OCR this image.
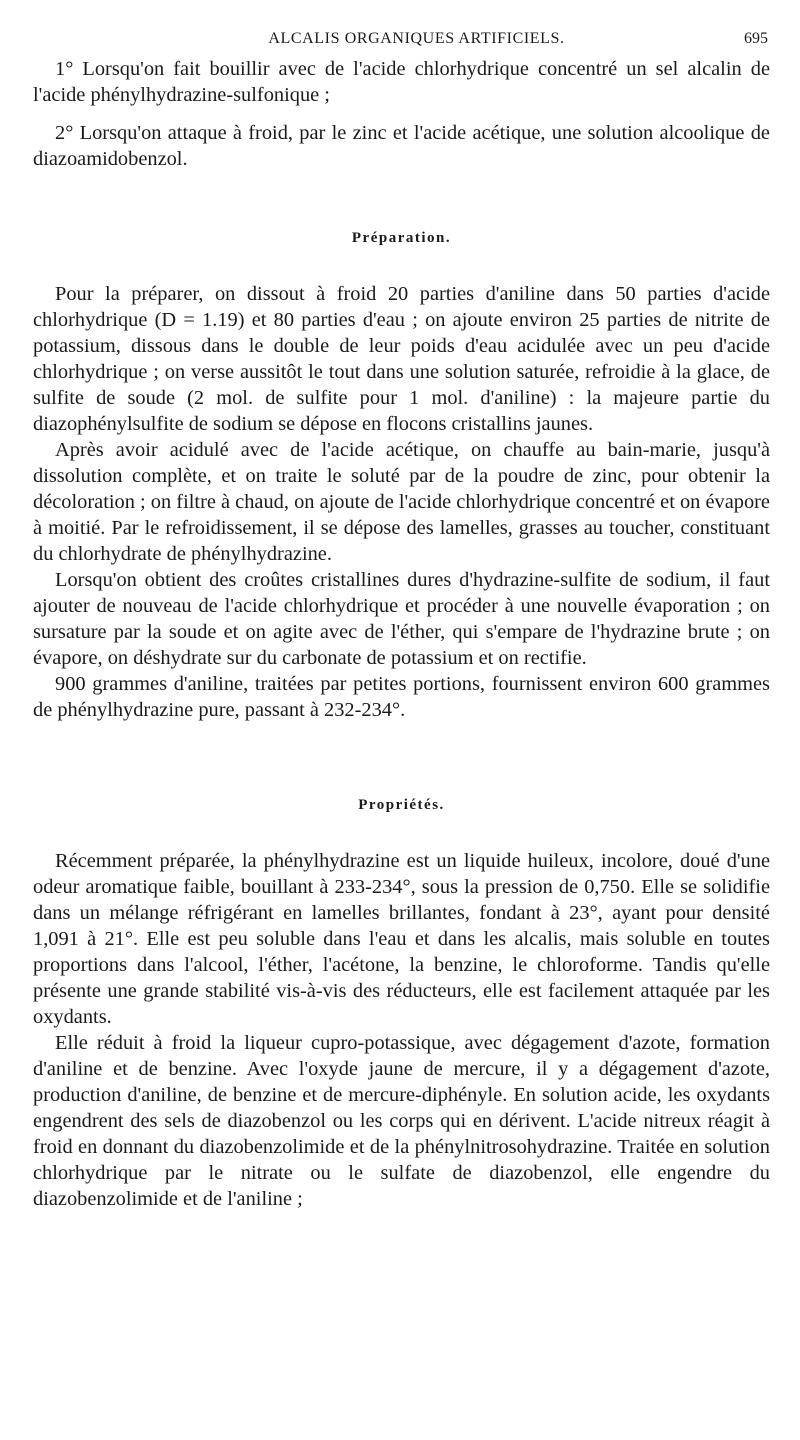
ALCALIS ORGANIQUES ARTIFICIELS.	695

1° Lorsqu'on fait bouillir avec de l'acide chlorhydrique concentré un sel alcalin de l'acide phénylhydrazine-sulfonique ;

2° Lorsqu'on attaque à froid, par le zinc et l'acide acétique, une solution alcoolique de diazoamidobenzol.

Préparation.

Pour la préparer, on dissout à froid 20 parties d'aniline dans 50 parties d'acide chlorhydrique (D = 1.19) et 80 parties d'eau ; on ajoute environ 25 parties de nitrite de potassium, dissous dans le double de leur poids d'eau acidulée avec un peu d'acide chlorhydrique ; on verse aussitôt le tout dans une solution saturée, refroidie à la glace, de sulfite de soude (2 mol. de sulfite pour 1 mol. d'aniline) : la majeure partie du diazophénylsulfite de sodium se dépose en flocons cristallins jaunes.

Après avoir acidulé avec de l'acide acétique, on chauffe au bain-marie, jusqu'à dissolution complète, et on traite le soluté par de la poudre de zinc, pour obtenir la décoloration ; on filtre à chaud, on ajoute de l'acide chlorhydrique concentré et on évapore à moitié. Par le refroidissement, il se dépose des lamelles, grasses au toucher, constituant du chlorhydrate de phénylhydrazine.

Lorsqu'on obtient des croûtes cristallines dures d'hydrazine-sulfite de sodium, il faut ajouter de nouveau de l'acide chlorhydrique et procéder à une nouvelle évaporation ; on sursature par la soude et on agite avec de l'éther, qui s'empare de l'hydrazine brute ; on évapore, on déshydrate sur du carbonate de potassium et on rectifie.

900 grammes d'aniline, traitées par petites portions, fournissent environ 600 grammes de phénylhydrazine pure, passant à 232-234°.

Propriétés.

Récemment préparée, la phénylhydrazine est un liquide huileux, incolore, doué d'une odeur aromatique faible, bouillant à 233-234°, sous la pression de 0,750. Elle se solidifie dans un mélange réfrigérant en lamelles brillantes, fondant à 23°, ayant pour densité 1,091 à 21°. Elle est peu soluble dans l'eau et dans les alcalis, mais soluble en toutes proportions dans l'alcool, l'éther, l'acétone, la benzine, le chloroforme. Tandis qu'elle présente une grande stabilité vis-à-vis des réducteurs, elle est facilement attaquée par les oxydants.

Elle réduit à froid la liqueur cupro-potassique, avec dégagement d'azote, formation d'aniline et de benzine. Avec l'oxyde jaune de mercure, il y a dégagement d'azote, production d'aniline, de benzine et de mercure-diphényle. En solution acide, les oxydants engendrent des sels de diazobenzol ou les corps qui en dérivent. L'acide nitreux réagit à froid en donnant du diazobenzolimide et de la phénylnitrosohydrazine. Traitée en solution chlorhydrique par le nitrate ou le sulfate de diazobenzol, elle engendre du diazobenzolimide et de l'aniline ;
